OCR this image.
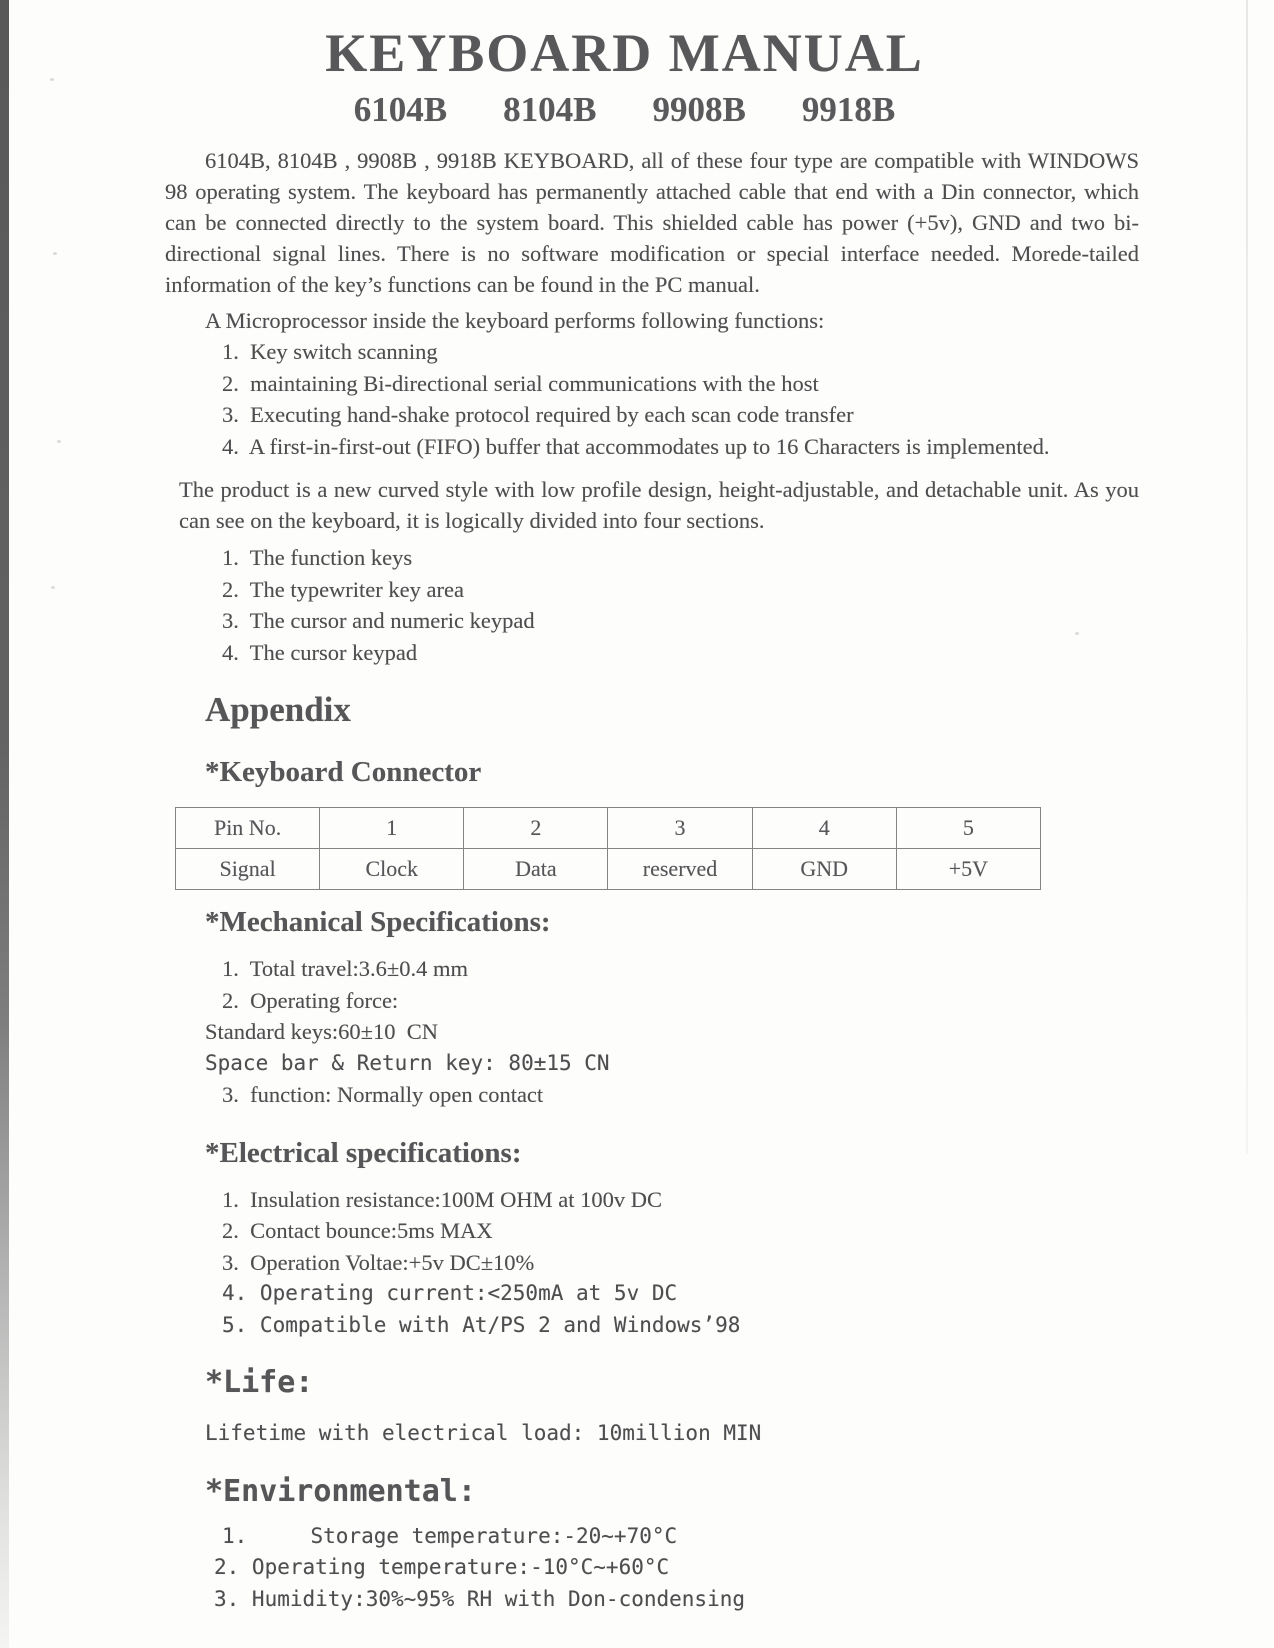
KEYBOARD MANUAL
6104B 8104B 9908B 9918B

6104B, 8104B , 9908B , 9918B KEYBOARD, all of these four type are compatible with WINDOWS 98 operating system. The keyboard has permanently attached cable that end with a Din connector, which can be connected directly to the system board. This shielded cable has power (+5v), GND and two bi-directional signal lines. There is no software modification or special interface needed. Morede-tailed information of the key’s functions can be found in the PC manual.

A Microprocessor inside the keyboard performs following functions:
1.  Key switch scanning
2.  maintaining Bi-directional serial communications with the host
3.  Executing hand-shake protocol required by each scan code transfer
4.  A first-in-first-out (FIFO) buffer that accommodates up to 16 Characters is implemented.

The product is a new curved style with low profile design, height-adjustable, and detachable unit. As you can see on the keyboard, it is logically divided into four sections.

1.  The function keys
2.  The typewriter key area
3.  The cursor and numeric keypad
4.  The cursor keypad
Appendix
*Keyboard Connector
Pin No.	1	2	3	4	5
Signal	Clock	Data	reserved	GND	+5V
*Mechanical Specifications:
1.  Total travel:3.6±0.4 mm
2.  Operating force:
Standard keys:60±10  CN
Space bar & Return key: 80±15 CN
3.  function: Normally open contact
*Electrical specifications:
1.  Insulation resistance:100M OHM at 100v DC
2.  Contact bounce:5ms MAX
3.  Operation Voltae:+5v DC±10%
4. Operating current:<250mA at 5v DC
5. Compatible with At/PS 2 and Windows’98
*Life:
Lifetime with electrical load: 10million MIN
*Environmental:
1.     Storage temperature:-20~+70°C
2. Operating temperature:-10°C~+60°C
3. Humidity:30%~95% RH with Don-condensing
